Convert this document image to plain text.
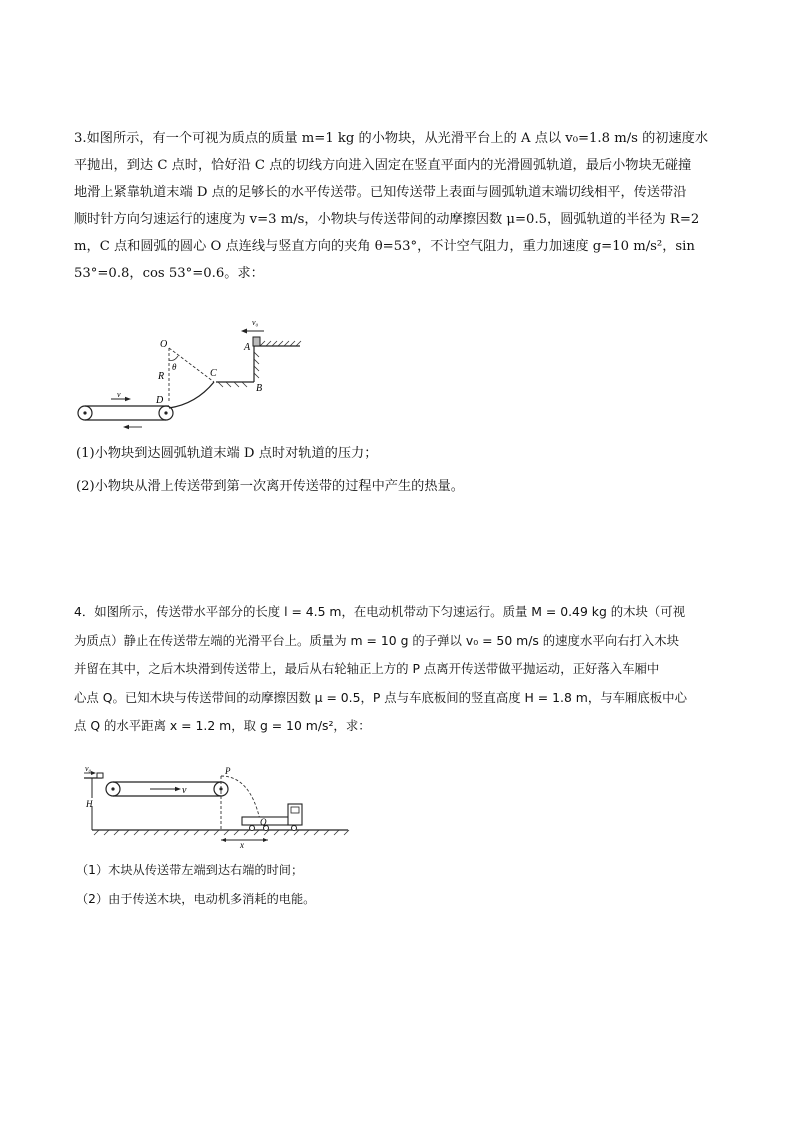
3.如图所示，有一个可视为质点的质量 m=1 kg 的小物块，从光滑平台上的 A 点以 v₀=1.8 m/s 的初速度水
平抛出，到达 C 点时，恰好沿 C 点的切线方向进入固定在竖直平面内的光滑圆弧轨道，最后小物块无碰撞
地滑上紧靠轨道末端 D 点的足够长的水平传送带。已知传送带上表面与圆弧轨道末端切线相平，传送带沿
顺时针方向匀速运行的速度为 v=3 m/s，小物块与传送带间的动摩擦因数 μ=0.5，圆弧轨道的半径为 R=2
m，C 点和圆弧的圆心 O 点连线与竖直方向的夹角 θ=53°，不计空气阻力，重力加速度 g=10 m/s²，sin
53°=0.8，cos 53°=0.6。求：
O
θ
C
R
D
A
B
v₀
v

(1)小物块到达圆弧轨道末端 D 点时对轨道的压力；

(2)小物块从滑上传送带到第一次离开传送带的过程中产生的热量。

4．如图所示，传送带水平部分的长度 l = 4.5 m，在电动机带动下匀速运行。质量 M = 0.49 kg 的木块（可视
为质点）静止在传送带左端的光滑平台上。质量为 m = 10 g 的子弹以 v₀ = 50 m/s 的速度水平向右打入木块
并留在其中，之后木块滑到传送带上，最后从右轮轴正上方的 P 点离开传送带做平抛运动，正好落入车厢中
心点 Q。已知木块与传送带间的动摩擦因数 μ = 0.5，P 点与车底板间的竖直高度 H = 1.8 m，与车厢底板中心
点 Q 的水平距离 x = 1.2 m，取 g = 10 m/s²，求：
v₀
v
P
H
Q
x

（1）木块从传送带左端到达右端的时间；

（2）由于传送木块，电动机多消耗的电能。
